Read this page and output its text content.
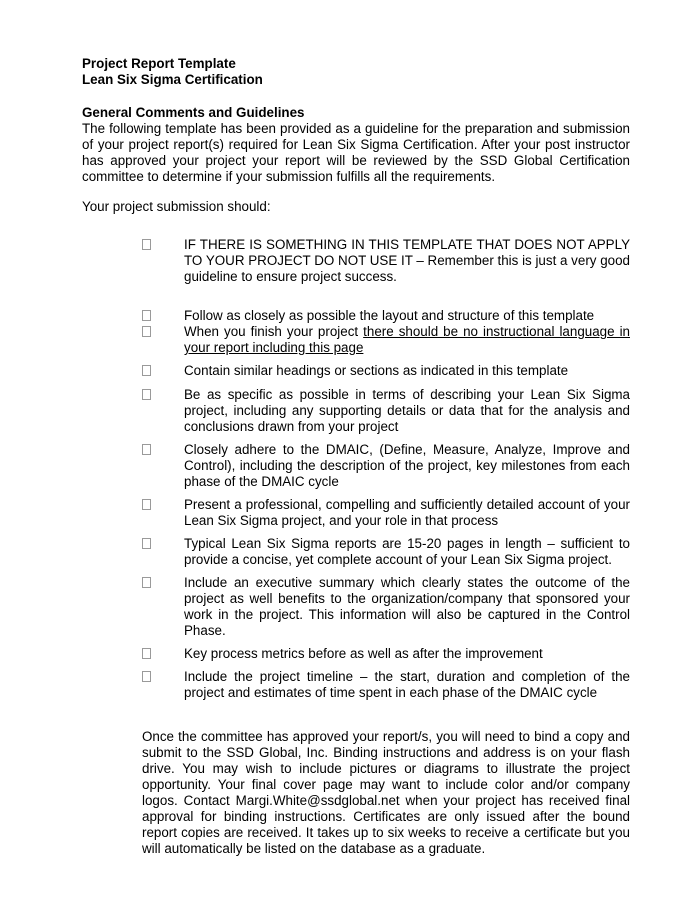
Project Report Template
Lean Six Sigma Certification
General Comments and Guidelines
The following template has been provided as a guideline for the preparation and submission of your project report(s) required for Lean Six Sigma Certification. After your post instructor has approved your project your report will be reviewed by the SSD Global Certification committee to determine if your submission fulfills all the requirements.
Your project submission should:
IF THERE IS SOMETHING IN THIS TEMPLATE THAT DOES NOT APPLY TO YOUR PROJECT DO NOT USE IT – Remember this is just a very good guideline to ensure project success.
Follow as closely as possible the layout and structure of this template
When you finish your project there should be no instructional language in your report including this page
Contain similar headings or sections as indicated in this template
Be as specific as possible in terms of describing your Lean Six Sigma project, including any supporting details or data that for the analysis and conclusions drawn from your project
Closely adhere to the DMAIC, (Define, Measure, Analyze, Improve and Control), including the description of the project, key milestones from each phase of the DMAIC cycle
Present a professional, compelling and sufficiently detailed account of your Lean Six Sigma project, and your role in that process
Typical Lean Six Sigma reports are 15-20 pages in length – sufficient to provide a concise, yet complete account of your Lean Six Sigma project.
Include an executive summary which clearly states the outcome of the project as well benefits to the organization/company that sponsored your work in the project. This information will also be captured in the Control Phase.
Key process metrics before as well as after the improvement
Include the project timeline – the start, duration and completion of the project and estimates of time spent in each phase of the DMAIC cycle
Once the committee has approved your report/s, you will need to bind a copy and submit to the SSD Global, Inc. Binding instructions and address is on your flash drive. You may wish to include pictures or diagrams to illustrate the project opportunity. Your final cover page may want to include color and/or company logos. Contact Margi.White@ssdglobal.net when your project has received final approval for binding instructions. Certificates are only issued after the bound report copies are received. It takes up to six weeks to receive a certificate but you will automatically be listed on the database as a graduate.
